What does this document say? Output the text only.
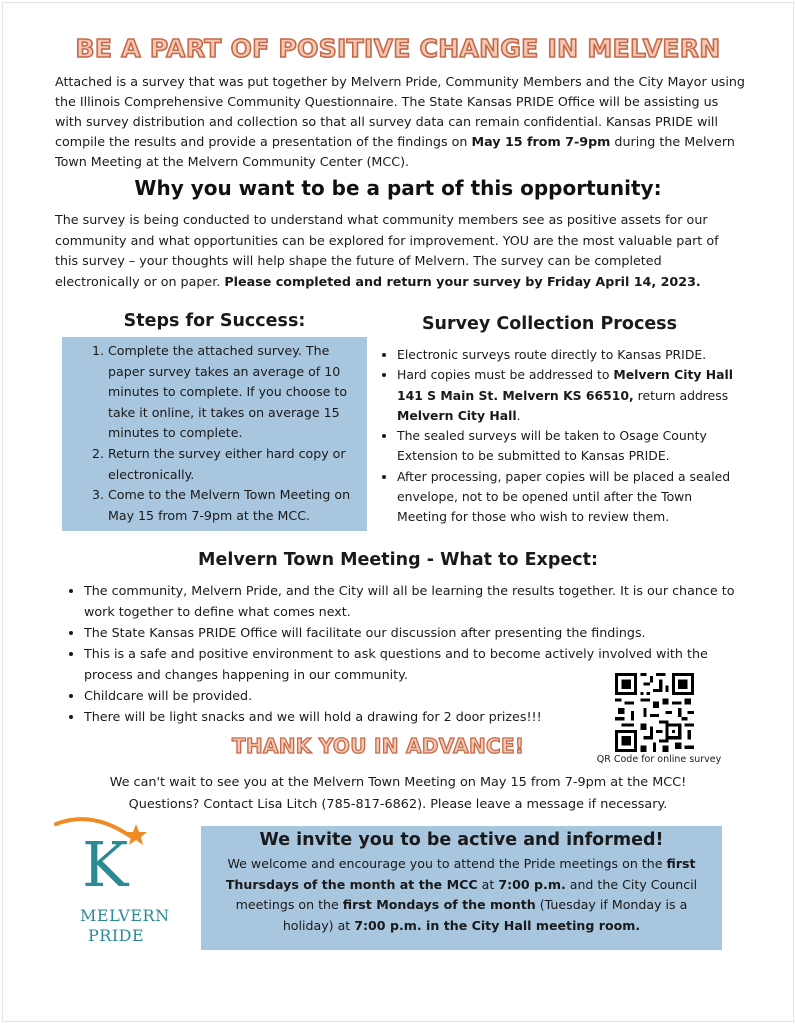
BE A PART OF POSITIVE CHANGE IN MELVERN
Attached is a survey that was put together by Melvern Pride, Community Members and the City Mayor using the Illinois Comprehensive Community Questionnaire. The State Kansas PRIDE Office will be assisting us with survey distribution and collection so that all survey data can remain confidential. Kansas PRIDE will compile the results and provide a presentation of the findings on May 15 from 7-9pm during the Melvern Town Meeting at the Melvern Community Center (MCC).
Why you want to be a part of this opportunity:
The survey is being conducted to understand what community members see as positive assets for our community and what opportunities can be explored for improvement. YOU are the most valuable part of this survey – your thoughts will help shape the future of Melvern. The survey can be completed electronically or on paper. Please completed and return your survey by Friday April 14, 2023.
Steps for Success:
1. Complete the attached survey. The paper survey takes an average of 10 minutes to complete. If you choose to take it online, it takes on average 15 minutes to complete.
2. Return the survey either hard copy or electronically.
3. Come to the Melvern Town Meeting on May 15 from 7-9pm at the MCC.
Survey Collection Process
• Electronic surveys route directly to Kansas PRIDE.
• Hard copies must be addressed to Melvern City Hall 141 S Main St. Melvern KS 66510, return address Melvern City Hall.
• The sealed surveys will be taken to Osage County Extension to be submitted to Kansas PRIDE.
• After processing, paper copies will be placed a sealed envelope, not to be opened until after the Town Meeting for those who wish to review them.
Melvern Town Meeting - What to Expect:
• The community, Melvern Pride, and the City will all be learning the results together. It is our chance to work together to define what comes next.
• The State Kansas PRIDE Office will facilitate our discussion after presenting the findings.
• This is a safe and positive environment to ask questions and to become actively involved with the process and changes happening in our community.
• Childcare will be provided.
• There will be light snacks and we will hold a drawing for 2 door prizes!!!
QR Code for online survey
THANK YOU IN ADVANCE!
We can't wait to see you at the Melvern Town Meeting on May 15 from 7-9pm at the MCC!
Questions? Contact Lisa Litch (785-817-6862). Please leave a message if necessary.
K
MELVERN
PRIDE
We invite you to be active and informed!
We welcome and encourage you to attend the Pride meetings on the first Thursdays of the month at the MCC at 7:00 p.m. and the City Council meetings on the first Mondays of the month (Tuesday if Monday is a holiday) at 7:00 p.m. in the City Hall meeting room.
